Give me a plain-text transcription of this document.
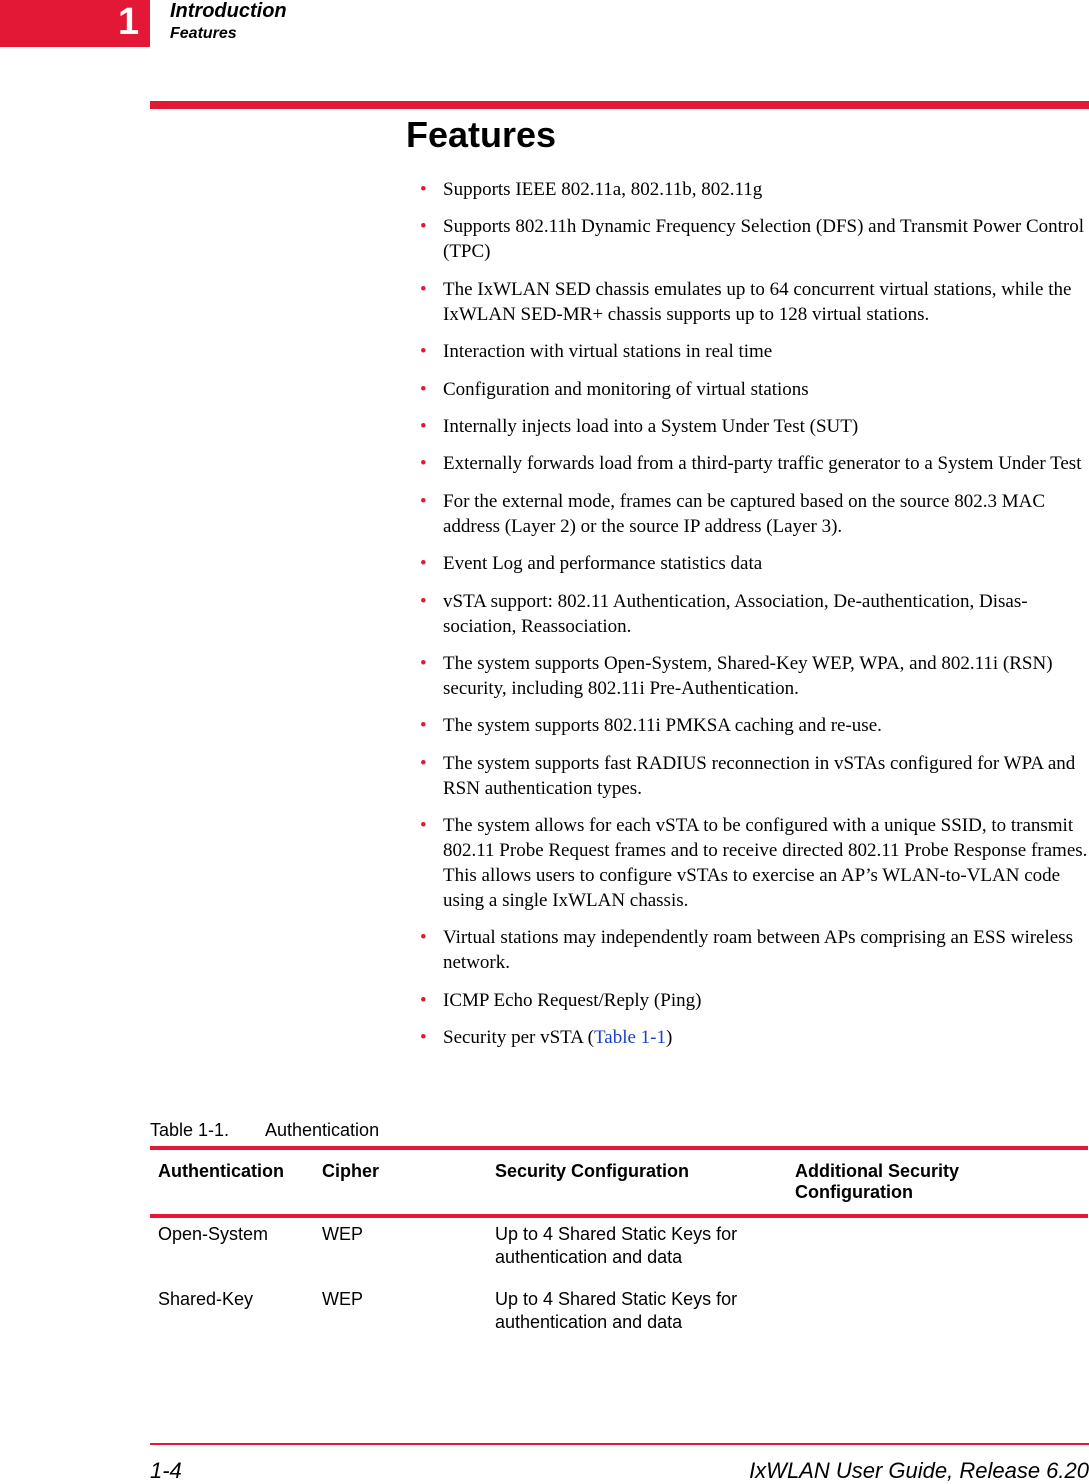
1 Introduction
Features
Features
• Supports IEEE 802.11a, 802.11b, 802.11g
• Supports 802.11h Dynamic Frequency Selection (DFS) and Transmit Power Control (TPC)
• The IxWLAN SED chassis emulates up to 64 concurrent virtual stations, while the IxWLAN SED-MR+ chassis supports up to 128 virtual stations.
• Interaction with virtual stations in real time
• Configuration and monitoring of virtual stations
• Internally injects load into a System Under Test (SUT)
• Externally forwards load from a third-party traffic generator to a System Under Test
• For the external mode, frames can be captured based on the source 802.3 MAC address (Layer 2) or the source IP address (Layer 3).
• Event Log and performance statistics data
• vSTA support: 802.11 Authentication, Association, De-authentication, Disas-sociation, Reassociation.
• The system supports Open-System, Shared-Key WEP, WPA, and 802.11i (RSN) security, including 802.11i Pre-Authentication.
• The system supports 802.11i PMKSA caching and re-use.
• The system supports fast RADIUS reconnection in vSTAs configured for WPA and RSN authentication types.
• The system allows for each vSTA to be configured with a unique SSID, to transmit 802.11 Probe Request frames and to receive directed 802.11 Probe Response frames. This allows users to configure vSTAs to exercise an AP’s WLAN-to-VLAN code using a single IxWLAN chassis.
• Virtual stations may independently roam between APs comprising an ESS wireless network.
• ICMP Echo Request/Reply (Ping)
• Security per vSTA (Table 1-1)
Table 1-1. Authentication
Authentication	Cipher	Security Configuration	Additional Security Configuration
Open-System	WEP	Up to 4 Shared Static Keys for authentication and data	
Shared-Key	WEP	Up to 4 Shared Static Keys for authentication and data	
1-4	IxWLAN User Guide, Release 6.20
